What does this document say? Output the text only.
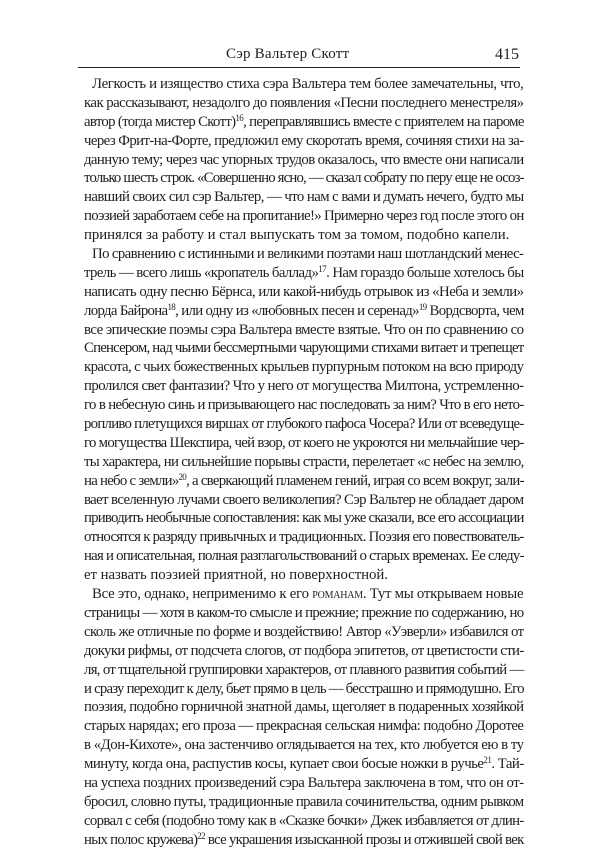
Сэр Вальтер Скотт	415
Легкость и изящество стиха сэра Вальтера тем более замечательны, что,
как рассказывают, незадолго до появления «Песни последнего менестреля»
автор (тогда мистер Скотт)$^{16}$, переправлявшись вместе с приятелем на пароме
через Фрит-на-Форте, предложил ему скоротать время, сочиняя стихи на за-
данную тему; через час упорных трудов оказалось, что вместе они написали
только шесть строк. «Совершенно ясно, — сказал собрату по перу еще не осоз-
навший своих сил сэр Вальтер, — что нам с вами и думать нечего, будто мы
поэзией заработаем себе на пропитание!» Примерно через год после этого он
принялся за работу и стал выпускать том за томом, подобно капели.
По сравнению с истинными и великими поэтами наш шотландский менес-
трель — всего лишь «кропатель баллад»$^{17}$. Нам гораздо больше хотелось бы
написать одну песню Бёрнса, или какой-нибудь отрывок из «Неба и земли»
лорда Байрона$^{18}$, или одну из «любовных песен и серенад»$^{19}$ Вордсворта, чем
все эпические поэмы сэра Вальтера вместе взятые. Что он по сравнению со
Спенсером, над чьими бессмертными чарующими стихами витает и трепещет
красота, с чьих божественных крыльев пурпурным потоком на всю природу
пролился свет фантазии? Что у него от могущества Милтона, устремленно-
го в небесную синь и призывающего нас последовать за ним? Что в его нето-
ропливо плетущихся виршах от глубокого пафоса Чосера? Или от всеведуще-
го могущества Шекспира, чей взор, от коего не укроются ни мельчайшие чер-
ты характера, ни сильнейшие порывы страсти, перелетает «с небес на землю,
на небо с земли»$^{20}$, а сверкающий пламенем гений, играя со всем вокруг, зали-
вает вселенную лучами своего великолепия? Сэр Вальтер не обладает даром
приводить необычные сопоставления: как мы уже сказали, все его ассоциации
относятся к разряду привычных и традиционных. Поэзия его повествователь-
ная и описательная, полная разглагольствований о старых временах. Ее следу-
ет назвать поэзией приятной, но поверхностной.
Все это, однако, неприменимо к его романам. Тут мы открываем новые
страницы — хотя в каком-то смысле и прежние; прежние по содержанию, но
сколь же отличные по форме и воздействию! Автор «Уэверли» избавился от
докуки рифмы, от подсчета слогов, от подбора эпитетов, от цветистости сти-
ля, от тщательной группировки характеров, от плавного развития событий —
и сразу переходит к делу, бьет прямо в цель — бесстрашно и прямодушно. Его
поэзия, подобно горничной знатной дамы, щеголяет в подаренных хозяйкой
старых нарядах; его проза — прекрасная сельская нимфа: подобно Доротее
в «Дон-Кихоте», она застенчиво оглядывается на тех, кто любуется ею в ту
минуту, когда она, распустив косы, купает свои босые ножки в ручье$^{21}$. Тай-
на успеха поздних произведений сэра Вальтера заключена в том, что он от-
бросил, словно путы, традиционные правила сочинительства, одним рывком
сорвал с себя (подобно тому как в «Сказке бочки» Джек избавляется от длин-
ных полос кружева)$^{22}$ все украшения изысканной прозы и отжившей свой век
